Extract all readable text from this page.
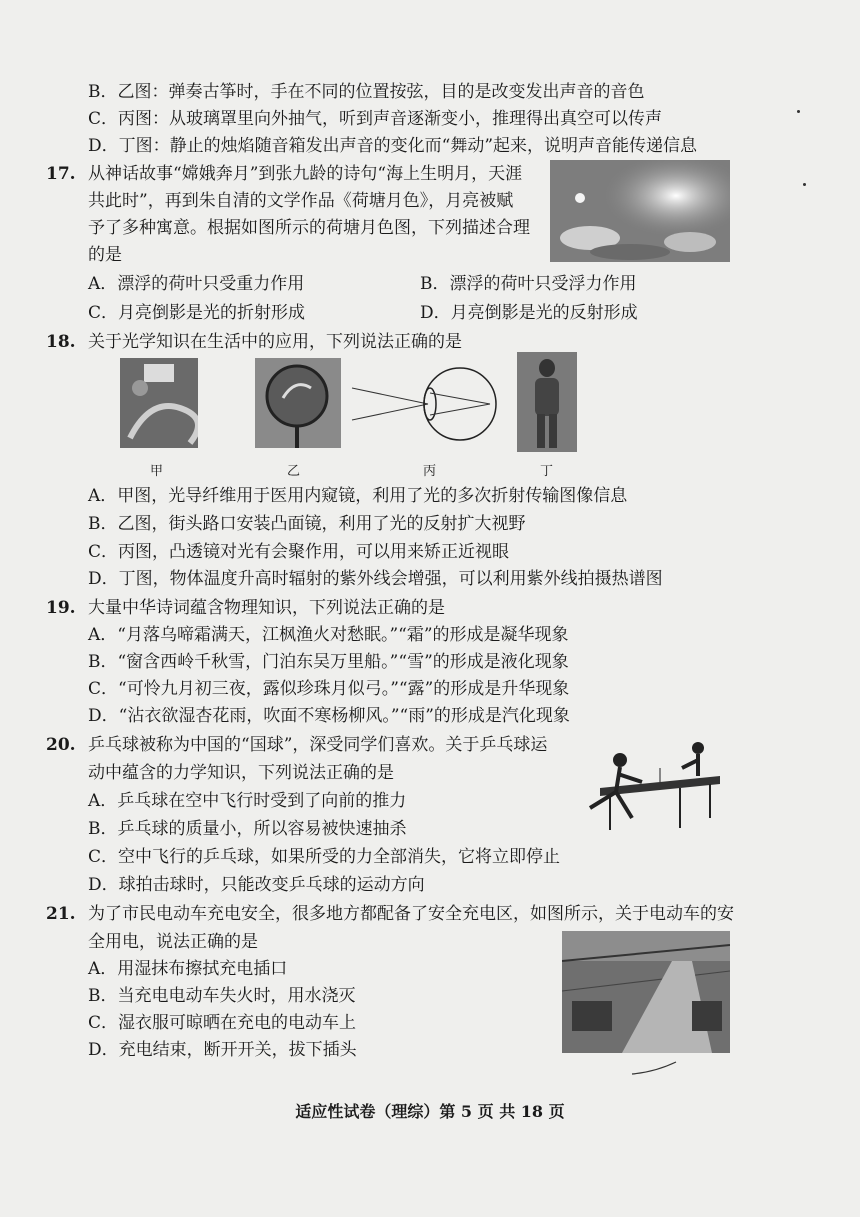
B．乙图：弹奏古筝时，手在不同的位置按弦，目的是改变发出声音的音色
C．丙图：从玻璃罩里向外抽气，听到声音逐渐变小，推理得出真空可以传声
D．丁图：静止的烛焰随音箱发出声音的变化而“舞动”起来，说明声音能传递信息
17. 从神话故事“嫦娥奔月”到张九龄的诗句“海上生明月，天涯
共此时”，再到朱自清的文学作品《荷塘月色》，月亮被赋
予了多种寓意。根据如图所示的荷塘月色图，下列描述合理
的是
A．漂浮的荷叶只受重力作用	B．漂浮的荷叶只受浮力作用
C．月亮倒影是光的折射形成	D．月亮倒影是光的反射形成
18. 关于光学知识在生活中的应用，下列说法正确的是
甲	乙	丙	丁
A．甲图，光导纤维用于医用内窥镜，利用了光的多次折射传输图像信息
B．乙图，街头路口安装凸面镜，利用了光的反射扩大视野
C．丙图，凸透镜对光有会聚作用，可以用来矫正近视眼
D．丁图，物体温度升高时辐射的紫外线会增强，可以利用紫外线拍摄热谱图
19. 大量中华诗词蕴含物理知识，下列说法正确的是
A．“月落乌啼霜满天，江枫渔火对愁眠。”“霜”的形成是凝华现象
B．“窗含西岭千秋雪，门泊东吴万里船。”“雪”的形成是液化现象
C．“可怜九月初三夜，露似珍珠月似弓。”“露”的形成是升华现象
D．“沾衣欲湿杏花雨，吹面不寒杨柳风。”“雨”的形成是汽化现象
20. 乒乓球被称为中国的“国球”，深受同学们喜欢。关于乒乓球运
动中蕴含的力学知识，下列说法正确的是
A．乒乓球在空中飞行时受到了向前的推力
B．乒乓球的质量小，所以容易被快速抽杀
C．空中飞行的乒乓球，如果所受的力全部消失，它将立即停止
D．球拍击球时，只能改变乒乓球的运动方向
21. 为了市民电动车充电安全，很多地方都配备了安全充电区，如图所示，关于电动车的安
全用电，说法正确的是
A．用湿抹布擦拭充电插口
B．当充电电动车失火时，用水浇灭
C．湿衣服可晾晒在充电的电动车上
D．充电结束，断开开关，拔下插头
适应性试卷（理综）第 5 页 共 18 页
